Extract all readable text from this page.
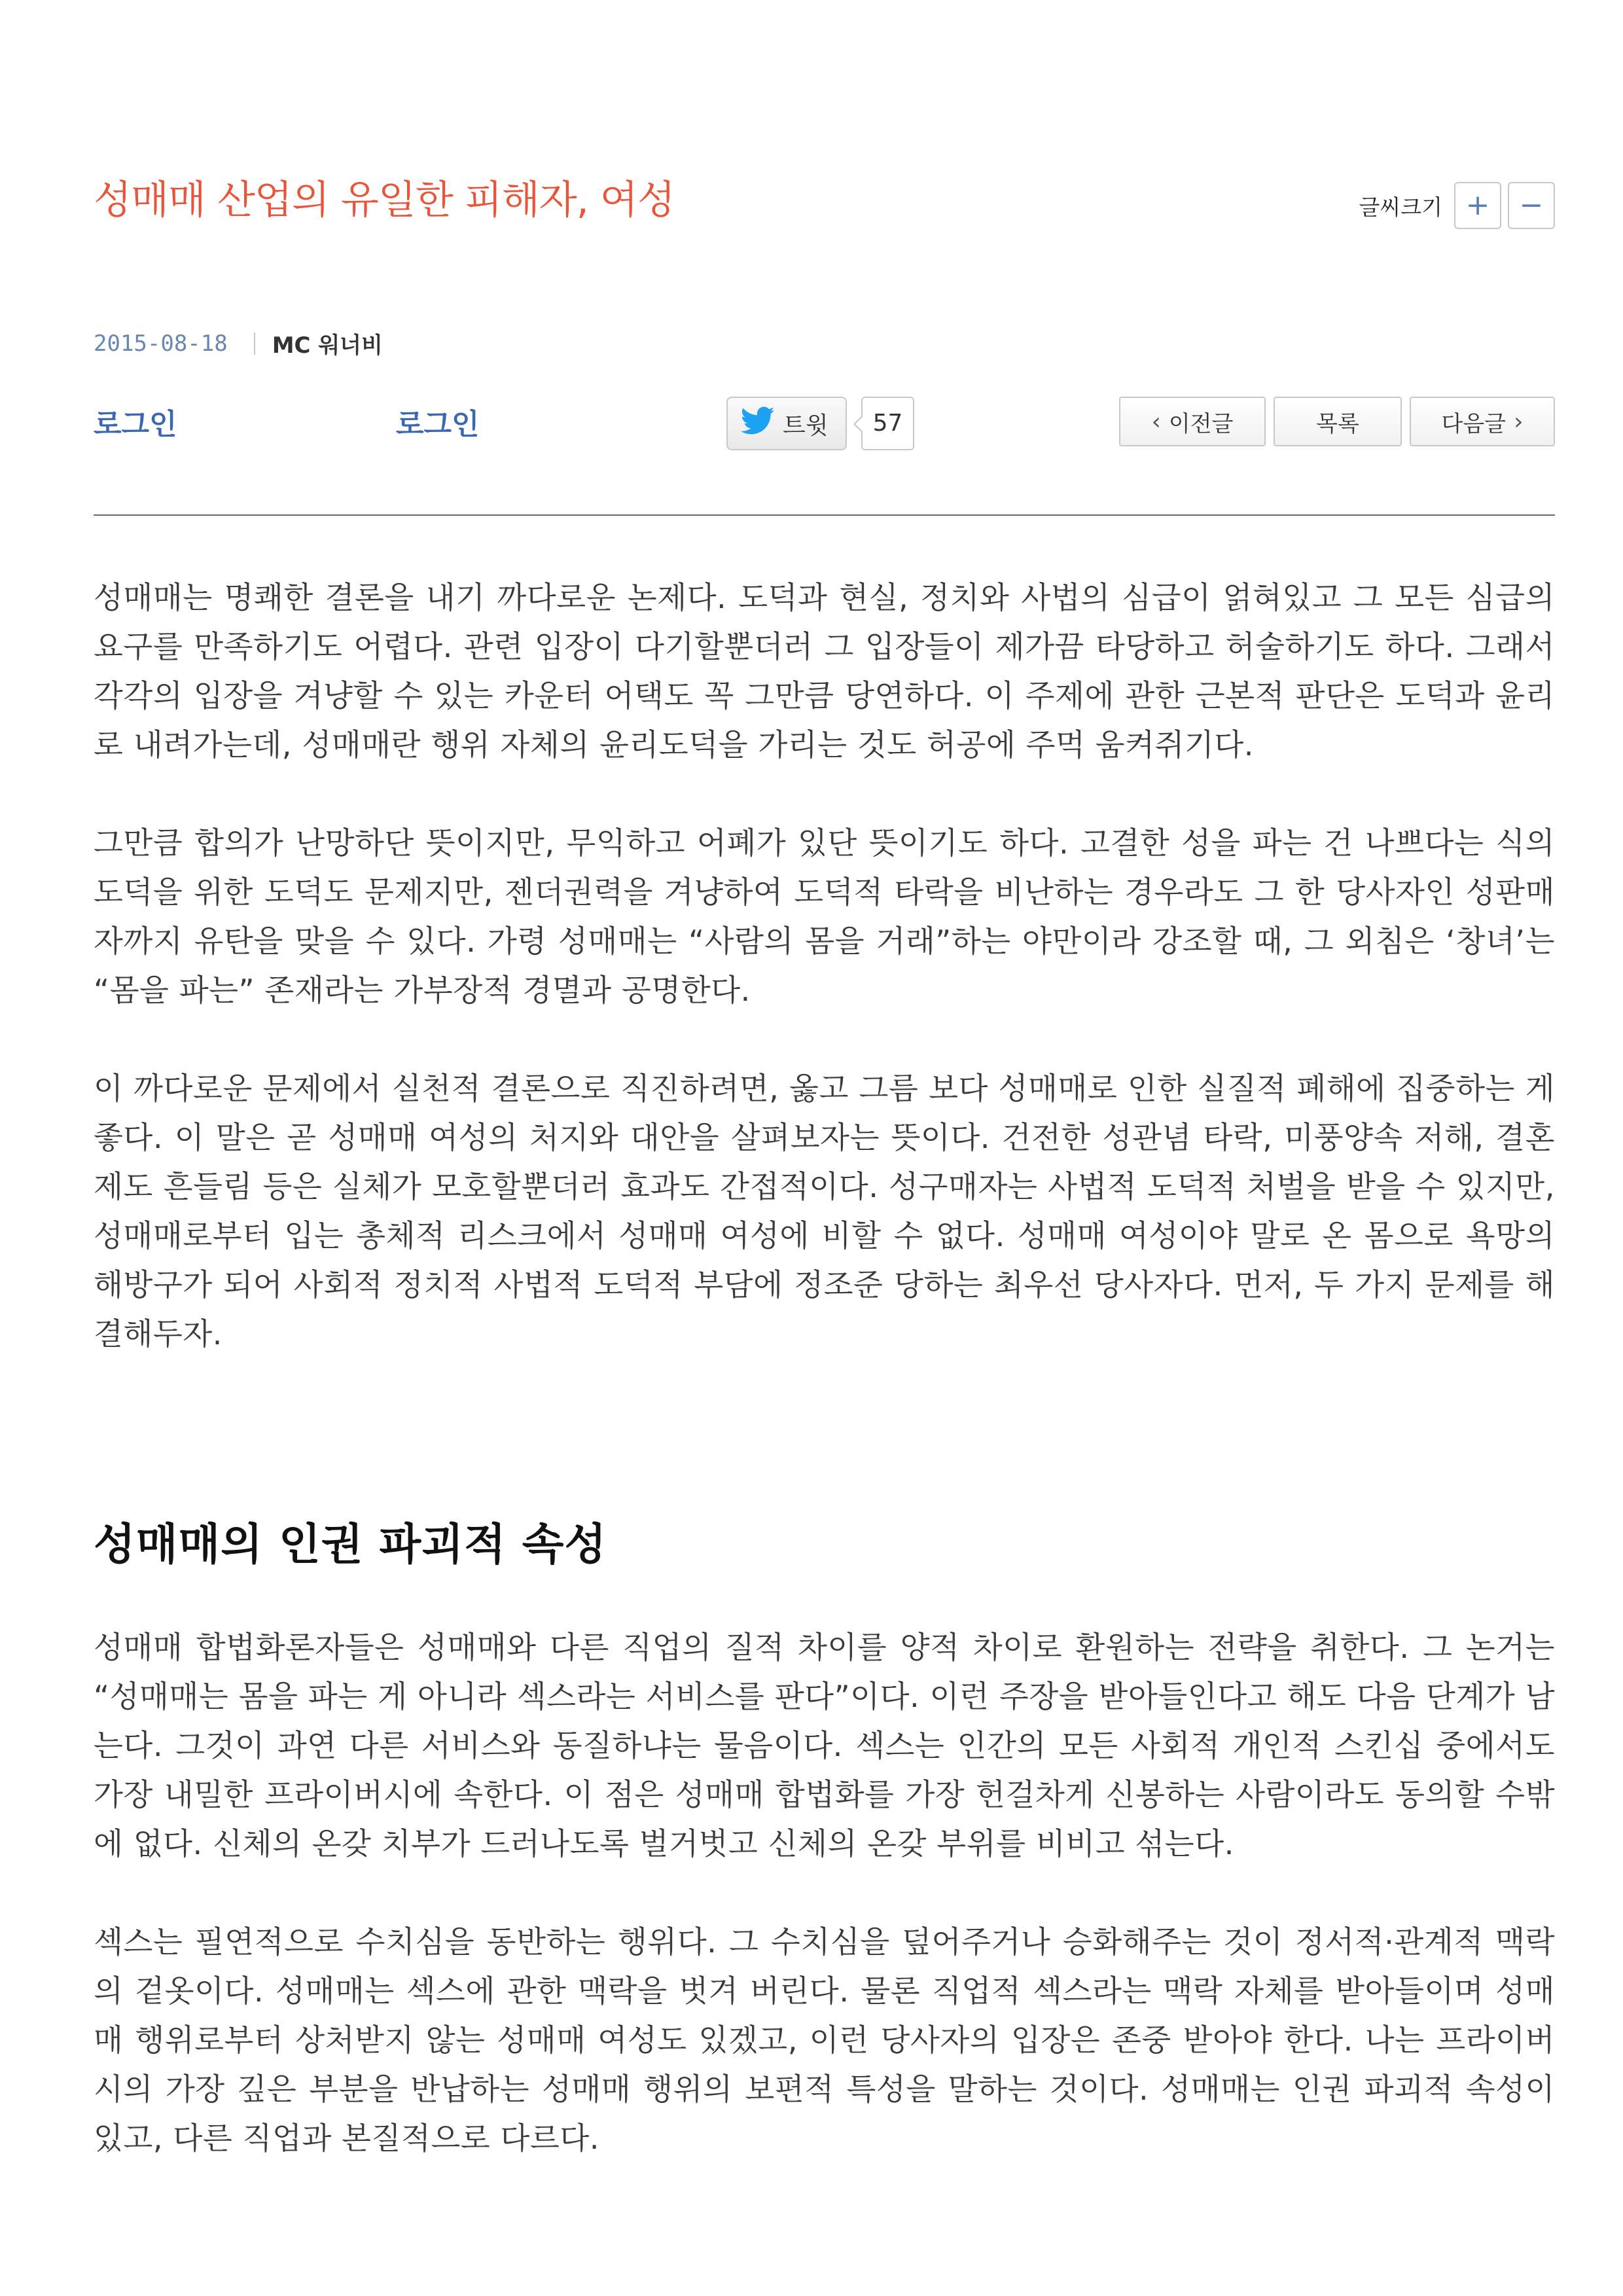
성매매 산업의 유일한 피해자, 여성	글씨크기 +	−
2015-08-18 MC 워너비
로그인	로그인	트윗	57	‹ 이전글	목록	다음글 ›

성매매는 명쾌한 결론을 내기 까다로운 논제다. 도덕과 현실, 정치와 사법의 심급이 얽혀있고 그 모든 심급의 요구를 만족하기도 어렵다. 관련 입장이 다기할뿐더러 그 입장들이 제가끔 타당하고 허술하기도 하다. 그래서 각각의 입장을 겨냥할 수 있는 카운터 어택도 꼭 그만큼 당연하다. 이 주제에 관한 근본적 판단은 도덕과 윤리로 내려가는데, 성매매란 행위 자체의 윤리도덕을 가리는 것도 허공에 주먹 움켜쥐기다.

그만큼 합의가 난망하단 뜻이지만, 무익하고 어폐가 있단 뜻이기도 하다. 고결한 성을 파는 건 나쁘다는 식의 도덕을 위한 도덕도 문제지만, 젠더권력을 겨냥하여 도덕적 타락을 비난하는 경우라도 그 한 당사자인 성판매자까지 유탄을 맞을 수 있다. 가령 성매매는 “사람의 몸을 거래”하는 야만이라 강조할 때, 그 외침은 ‘창녀’는 “몸을 파는” 존재라는 가부장적 경멸과 공명한다.

이 까다로운 문제에서 실천적 결론으로 직진하려면, 옳고 그름 보다 성매매로 인한 실질적 폐해에 집중하는 게 좋다. 이 말은 곧 성매매 여성의 처지와 대안을 살펴보자는 뜻이다. 건전한 성관념 타락, 미풍양속 저해, 결혼제도 흔들림 등은 실체가 모호할뿐더러 효과도 간접적이다. 성구매자는 사법적 도덕적 처벌을 받을 수 있지만, 성매매로부터 입는 총체적 리스크에서 성매매 여성에 비할 수 없다. 성매매 여성이야 말로 온 몸으로 욕망의 해방구가 되어 사회적 정치적 사법적 도덕적 부담에 정조준 당하는 최우선 당사자다. 먼저, 두 가지 문제를 해결해두자.

성매매의 인권 파괴적 속성

성매매 합법화론자들은 성매매와 다른 직업의 질적 차이를 양적 차이로 환원하는 전략을 취한다. 그 논거는 “성매매는 몸을 파는 게 아니라 섹스라는 서비스를 판다”이다. 이런 주장을 받아들인다고 해도 다음 단계가 남는다. 그것이 과연 다른 서비스와 동질하냐는 물음이다. 섹스는 인간의 모든 사회적 개인적 스킨십 중에서도 가장 내밀한 프라이버시에 속한다. 이 점은 성매매 합법화를 가장 헌걸차게 신봉하는 사람이라도 동의할 수밖에 없다. 신체의 온갖 치부가 드러나도록 벌거벗고 신체의 온갖 부위를 비비고 섞는다.

섹스는 필연적으로 수치심을 동반하는 행위다. 그 수치심을 덮어주거나 승화해주는 것이 정서적·관계적 맥락의 겉옷이다. 성매매는 섹스에 관한 맥락을 벗겨 버린다. 물론 직업적 섹스라는 맥락 자체를 받아들이며 성매매 행위로부터 상처받지 않는 성매매 여성도 있겠고, 이런 당사자의 입장은 존중 받아야 한다. 나는 프라이버시의 가장 깊은 부분을 반납하는 성매매 행위의 보편적 특성을 말하는 것이다. 성매매는 인권 파괴적 속성이 있고, 다른 직업과 본질적으로 다르다.
